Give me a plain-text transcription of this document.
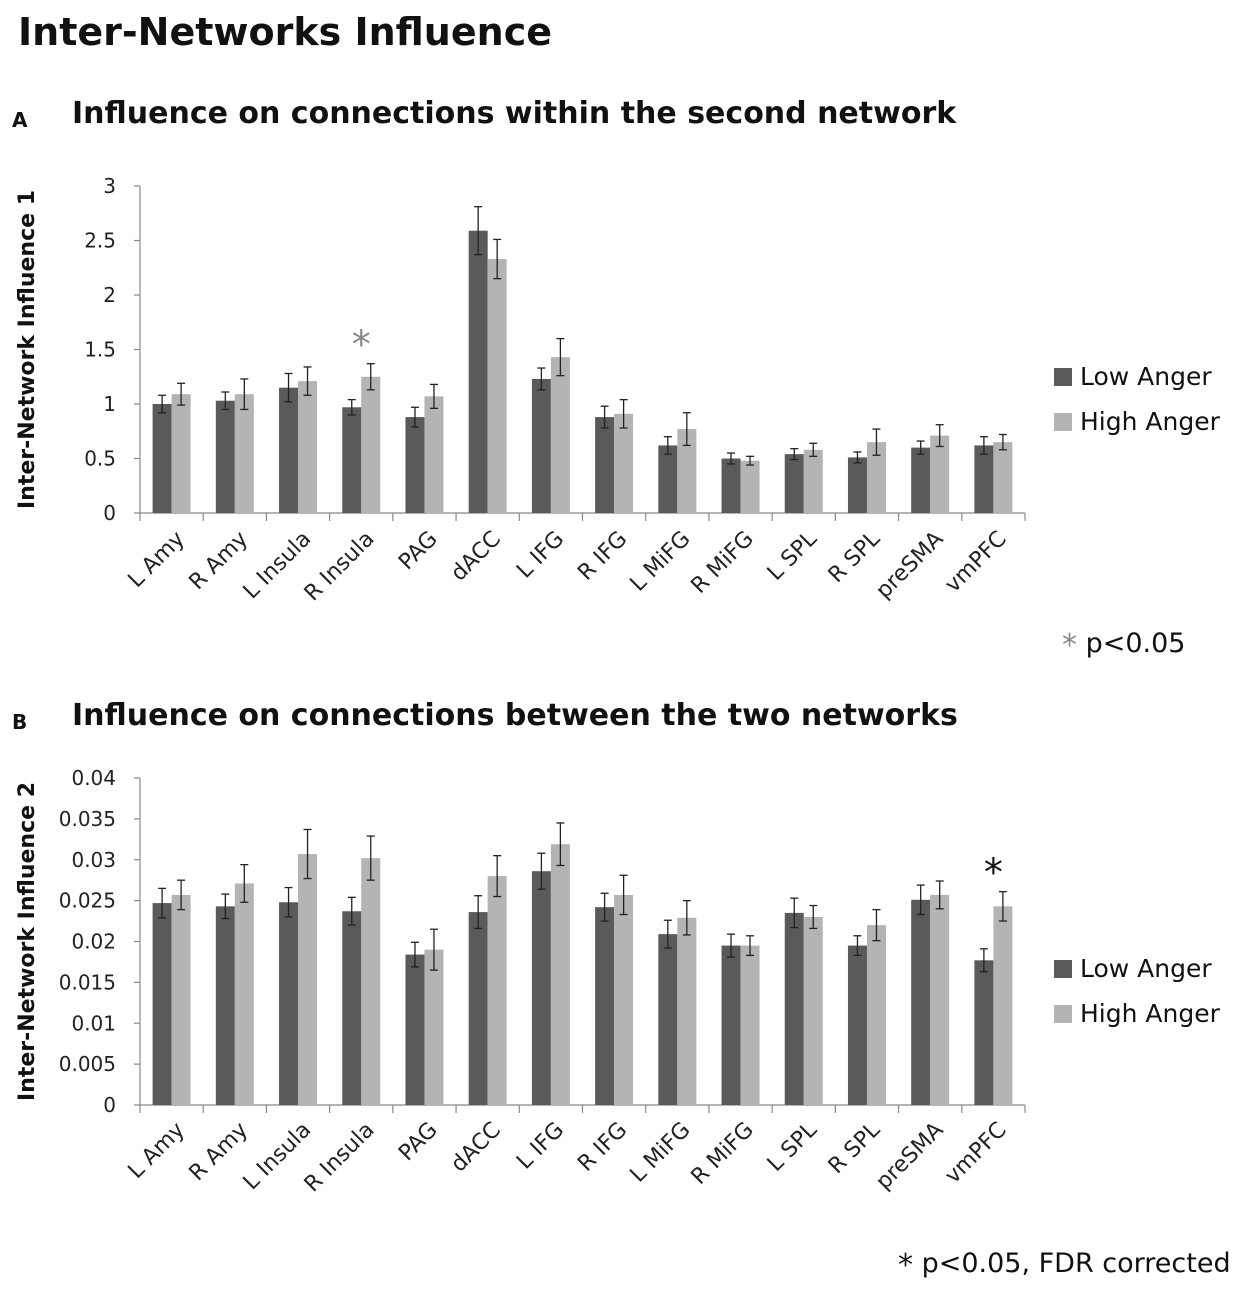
Inter-Networks Influence
A Influence on connections within the second network
0
0.5
1
1.5
2
2.5
3
Inter-Network Influence 1
L Amy
R Amy
L Insula
R Insula PAG dACC L IFG R IFG
L MiFG
R MiFG L SPL R SPL
preSMA
vmPFC
*
Low Anger
High Anger
* p<0.05
B Influence on connections between the two networks
0
0.005
0.01
0.015
0.02
0.025
0.03
0.035
0.04
Inter-Network Influence 2
L Amy
R Amy
L Insula
R Insula PAG dACC L IFG R IFG
L MiFG
R MiFG L SPL R SPL
preSMA
vmPFC
*
Low Anger
High Anger
* p<0.05, FDR corrected
